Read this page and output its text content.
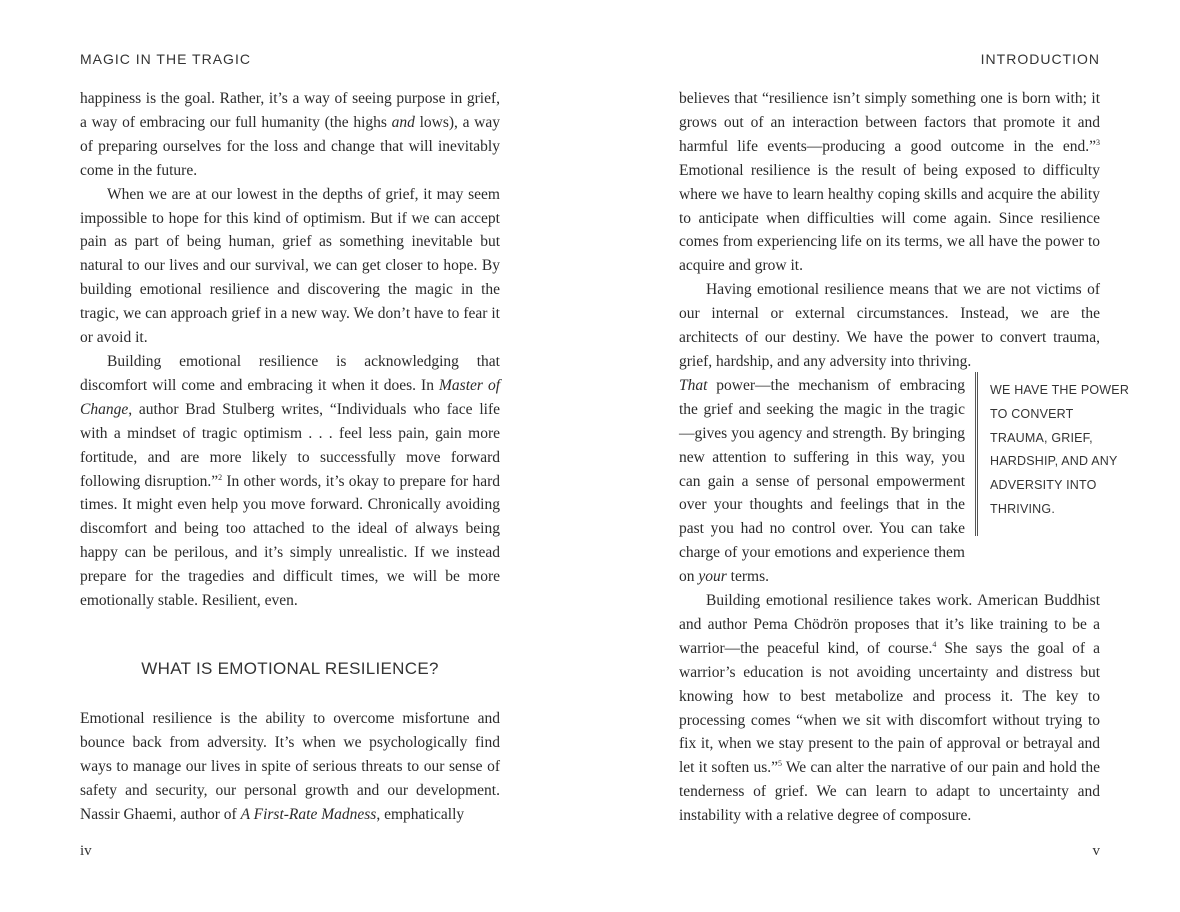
MAGIC IN THE TRAGIC

happiness is the goal. Rather, it’s a way of seeing purpose in grief, a way of embracing our full humanity (the highs and lows), a way of preparing ourselves for the loss and change that will inevitably come in the future.

When we are at our lowest in the depths of grief, it may seem impossible to hope for this kind of optimism. But if we can accept pain as part of being human, grief as something inevitable but natural to our lives and our survival, we can get closer to hope. By building emotional resilience and discovering the magic in the tragic, we can approach grief in a new way. We don’t have to fear it or avoid it.

Building emotional resilience is acknowledging that discomfort will come and embracing it when it does. In Master of Change, author Brad Stulberg writes, “Individuals who face life with a mindset of tragic optimism . . . feel less pain, gain more fortitude, and are more likely to successfully move forward following disruption.”$^2$ In other words, it’s okay to prepare for hard times. It might even help you move forward. Chronically avoiding discomfort and being too attached to the ideal of always being happy can be perilous, and it’s simply unrealistic. If we instead prepare for the tragedies and difficult times, we will be more emotionally stable. Resilient, even.

WHAT IS EMOTIONAL RESILIENCE?

Emotional resilience is the ability to overcome misfortune and bounce back from adversity. It’s when we psychologically find ways to manage our lives in spite of serious threats to our sense of safety and security, our personal growth and our development. Nassir Ghaemi, author of A First-Rate Madness, emphatically

iv
INTRODUCTION

believes that “resilience isn’t simply something one is born with; it grows out of an interaction between factors that promote it and harmful life events—producing a good outcome in the end.”$^3$ Emotional resilience is the result of being exposed to difficulty where we have to learn healthy coping skills and acquire the ability to anticipate when difficulties will come again. Since resilience comes from experiencing life on its terms, we all have the power to acquire and grow it.

Having emotional resilience means that we are not victims of our internal or external circumstances. Instead, we are the architects of our destiny. We have the power to convert trauma, grief, hardship, and any adversity into thriving.

That power—the mechanism of embracing the grief and seeking the magic in the tragic—gives you agency and strength. By bringing new attention to suffering in this way, you can gain a sense of personal empowerment over your thoughts and feelings that in the past you had no control over. You can take charge of your emotions and experience them on your terms.

Building emotional resilience takes work. American Buddhist and author Pema Chödrön proposes that it’s like training to be a warrior—the peaceful kind, of course.$^4$ She says the goal of a warrior’s education is not avoiding uncertainty and distress but knowing how to best metabolize and process it. The key to processing comes “when we sit with discomfort without trying to fix it, when we stay present to the pain of approval or betrayal and let it soften us.”$^5$ We can alter the narrative of our pain and hold the tenderness of grief. We can learn to adapt to uncertainty and instability with a relative degree of composure.

WE HAVE THE POWER TO CONVERT TRAUMA, GRIEF, HARDSHIP, AND ANY ADVERSITY INTO THRIVING.
v
